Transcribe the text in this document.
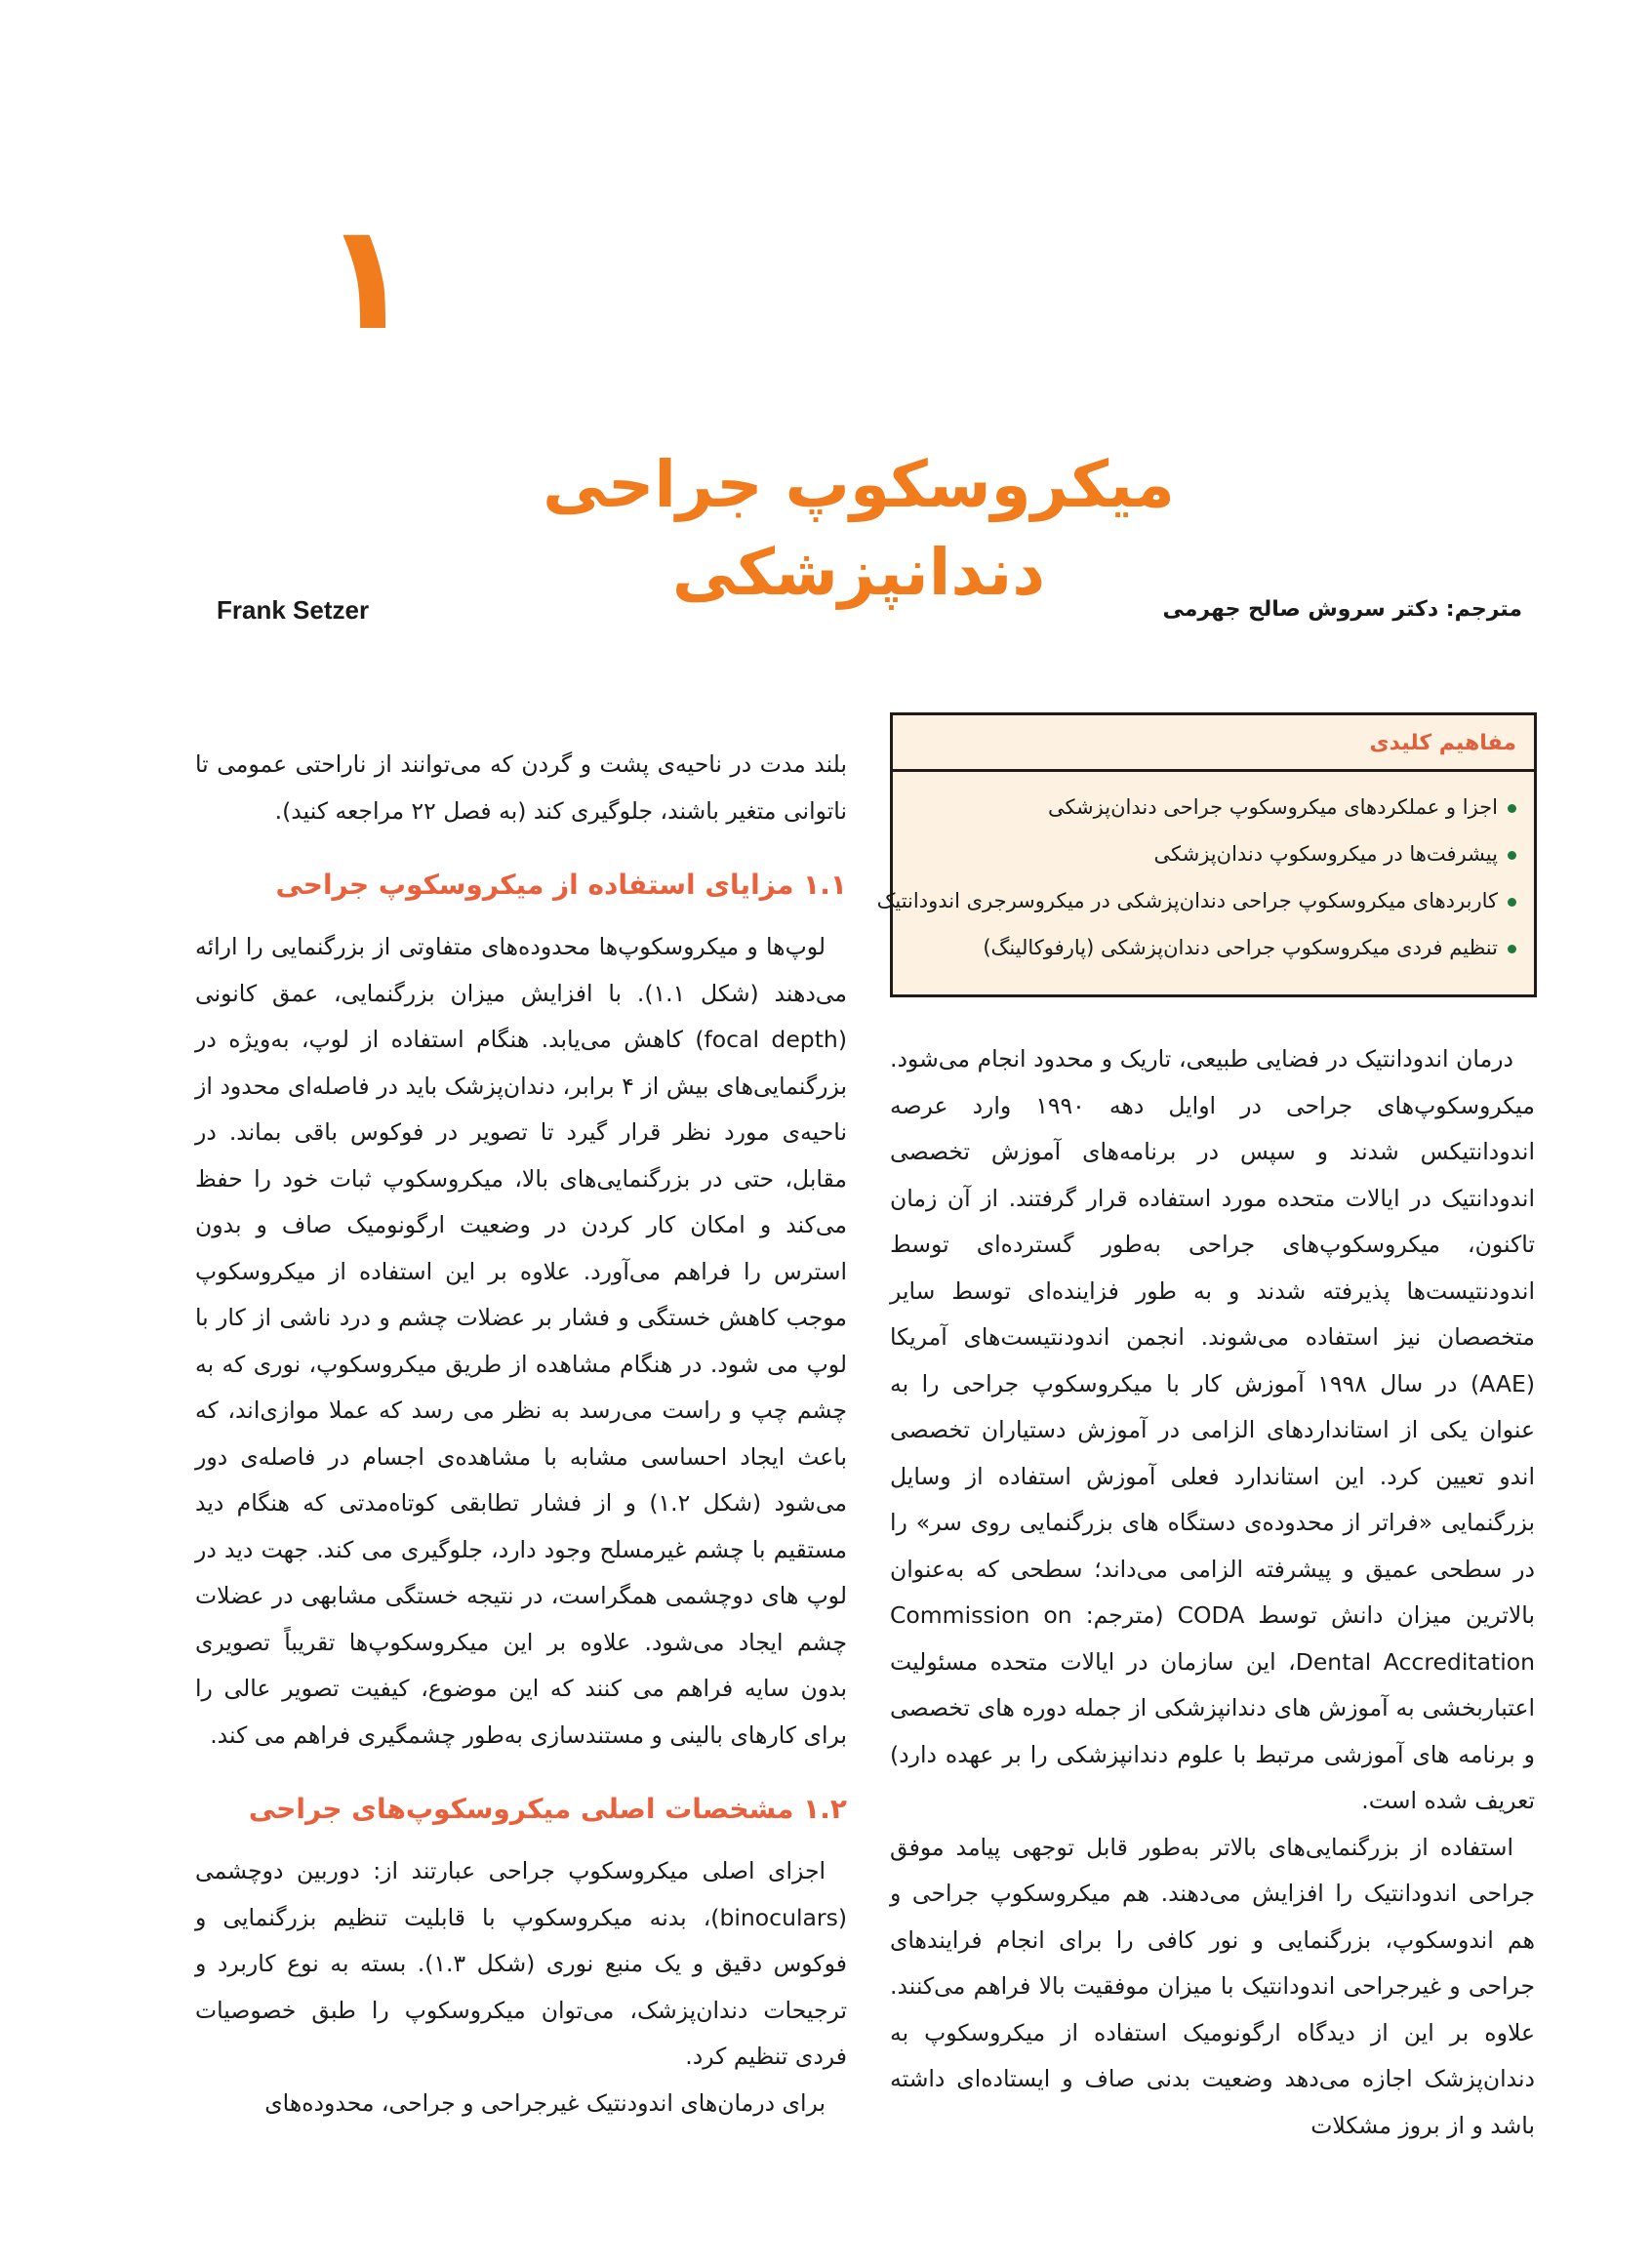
۱
میکروسکوپ جراحی دندانپزشکی
Frank Setzer	مترجم: دکتر سروش صالح جهرمی
مفاهیم کلیدی
اجزا و عملکردهای میکروسکوپ جراحی دندان‌پزشکی
پیشرفت‌ها در میکروسکوپ دندان‌پزشکی
کاربردهای میکروسکوپ جراحی دندان‌پزشکی در میکروسرجری اندودانتیک
تنظیم فردی میکروسکوپ جراحی دندان‌پزشکی (پارفوکالینگ)

درمان اندودانتیک در فضایی طبیعی، تاریک و محدود انجام می‌شود. میکروسکوپ‌های جراحی در اوایل دهه ۱۹۹۰ وارد عرصه اندودانتیکس شدند و سپس در برنامه‌های آموزش تخصصی اندودانتیک در ایالات متحده مورد استفاده قرار گرفتند. از آن زمان تاکنون، میکروسکوپ‌های جراحی به‌طور گسترده‌ای توسط اندودنتیست‌ها پذیرفته شدند و به طور فزاینده‌ای توسط سایر متخصصان نیز استفاده می‌شوند. انجمن اندودنتیست‌های آمریکا (AAE) در سال ۱۹۹۸ آموزش کار با میکروسکوپ جراحی را به عنوان یکی از استانداردهای الزامی در آموزش دستیاران تخصصی اندو تعیین کرد. این استاندارد فعلی آموزش استفاده از وسایل بزرگنمایی «فراتر از محدوده‌ی دستگاه های بزرگنمایی روی سر» را در سطحی عمیق و پیشرفته الزامی می‌داند؛ سطحی که به‌عنوان بالاترین میزان دانش توسط CODA (مترجم: Commission on Dental Accreditation، این سازمان در ایالات متحده مسئولیت اعتباربخشی به آموزش های دندانپزشکی از جمله دوره های تخصصی و برنامه های آموزشی مرتبط با علوم دندانپزشکی را بر عهده دارد) تعریف شده است.

استفاده از بزرگنمایی‌های بالاتر به‌طور قابل توجهی پیامد موفق جراحی اندودانتیک را افزایش می‌دهند. هم میکروسکوپ جراحی و هم اندوسکوپ، بزرگنمایی و نور کافی را برای انجام فرایندهای جراحی و غیرجراحی اندودانتیک با میزان موفقیت بالا فراهم می‌کنند. علاوه بر این از دیدگاه ارگونومیک استفاده از میکروسکوپ به دندان‌پزشک اجازه می‌دهد وضعیت بدنی صاف و ایستاده‌ای داشته باشد و از بروز مشکلات

بلند مدت در ناحیه‌ی پشت و گردن که می‌توانند از ناراحتی عمومی تا ناتوانی متغیر باشند، جلوگیری کند (به فصل ۲۲ مراجعه کنید).

۱.۱ مزایای استفاده از میکروسکوپ جراحی

لوپ‌ها و میکروسکوپ‌ها محدوده‌های متفاوتی از بزرگنمایی را ارائه می‌دهند (شکل ۱.۱). با افزایش میزان بزرگنمایی، عمق کانونی (focal depth) کاهش می‌یابد. هنگام استفاده از لوپ، به‌ویژه در بزرگنمایی‌های بیش از ۴ برابر، دندان‌پزشک باید در فاصله‌ای محدود از ناحیه‌ی مورد نظر قرار گیرد تا تصویر در فوکوس باقی بماند. در مقابل، حتی در بزرگنمایی‌های بالا، میکروسکوپ ثبات خود را حفظ می‌کند و امکان کار کردن در وضعیت ارگونومیک صاف و بدون استرس را فراهم می‌آورد. علاوه بر این استفاده از میکروسکوپ موجب کاهش خستگی و فشار بر عضلات چشم و درد ناشی از کار با لوپ می شود. در هنگام مشاهده از طریق میکروسکوپ، نوری که به چشم چپ و راست می‌رسد به نظر می رسد که عملا موازی‌اند، که باعث ایجاد احساسی مشابه با مشاهده‌ی اجسام در فاصله‌ی دور می‌شود (شکل ۱.۲) و از فشار تطابقی کوتاه‌مدتی که هنگام دید مستقیم با چشم غیرمسلح وجود دارد، جلوگیری می کند. جهت دید در لوپ های دوچشمی همگراست، در نتیجه خستگی مشابهی در عضلات چشم ایجاد می‌شود. علاوه بر این میکروسکوپ‌ها تقریباً تصویری بدون سایه فراهم می کنند که این موضوع، کیفیت تصویر عالی را برای کارهای بالینی و مستندسازی به‌طور چشمگیری فراهم می کند.

۱.۲ مشخصات اصلی میکروسکوپ‌های جراحی

اجزای اصلی میکروسکوپ جراحی عبارتند از: دوربین دوچشمی (binoculars)، بدنه میکروسکوپ با قابلیت تنظیم بزرگنمایی و فوکوس دقیق و یک منبع نوری (شکل ۱.۳). بسته به نوع کاربرد و ترجیحات دندان‌پزشک، می‌توان میکروسکوپ را طبق خصوصیات فردی تنظیم کرد.

برای درمان‌های اندودنتیک غیرجراحی و جراحی، محدوده‌های
